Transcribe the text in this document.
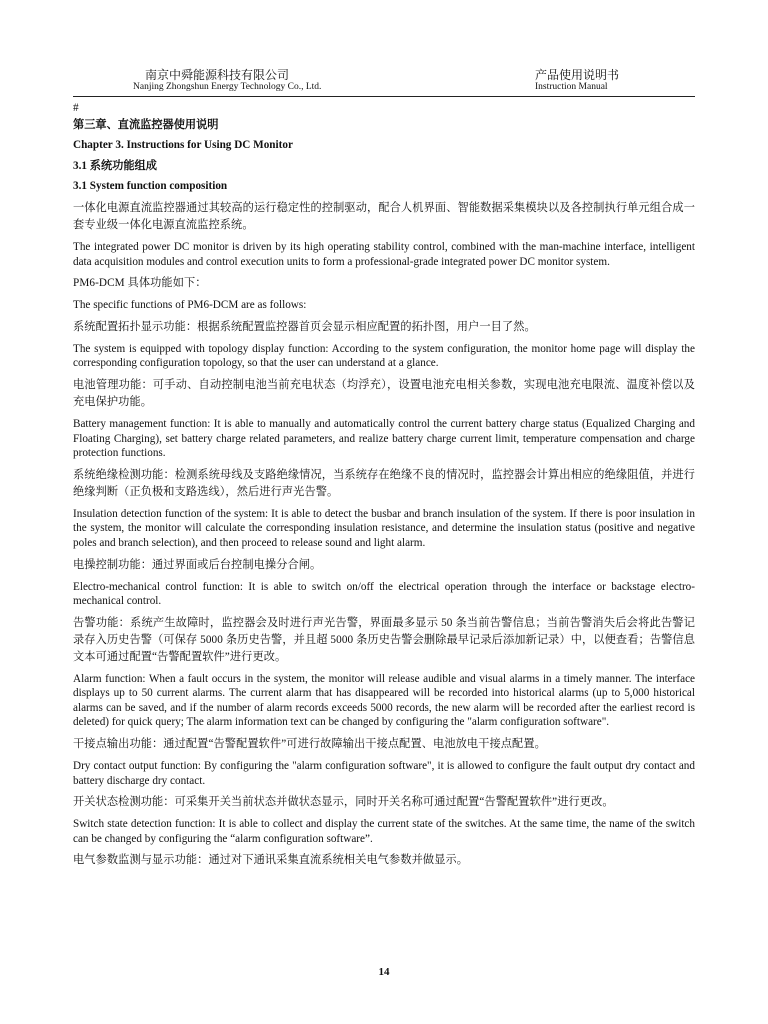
南京中舜能源科技有限公司
Nanjing Zhongshun Energy Technology Co., Ltd.
产品使用说明书
Instruction Manual

#

第三章、直流监控器使用说明

Chapter 3. Instructions for Using DC Monitor

3.1 系统功能组成

3.1 System function composition

一体化电源直流监控器通过其较高的运行稳定性的控制驱动，配合人机界面、智能数据采集模块以及各控制执行单元组合成一套专业级一体化电源直流监控系统。

The integrated power DC monitor is driven by its high operating stability control, combined with the man-machine interface, intelligent data acquisition modules and control execution units to form a professional-grade integrated power DC monitor system.

PM6-DCM 具体功能如下：

The specific functions of PM6-DCM are as follows:

系统配置拓扑显示功能：根据系统配置监控器首页会显示相应配置的拓扑图，用户一目了然。

The system is equipped with topology display function: According to the system configuration, the monitor home page will display the corresponding configuration topology, so that the user can understand at a glance.

电池管理功能：可手动、自动控制电池当前充电状态（均浮充），设置电池充电相关参数，实现电池充电限流、温度补偿以及充电保护功能。

Battery management function: It is able to manually and automatically control the current battery charge status (Equalized Charging and Floating Charging), set battery charge related parameters, and realize battery charge current limit, temperature compensation and charge protection functions.

系统绝缘检测功能：检测系统母线及支路绝缘情况，当系统存在绝缘不良的情况时，监控器会计算出相应的绝缘阻值，并进行绝缘判断（正负极和支路选线），然后进行声光告警。

Insulation detection function of the system: It is able to detect the busbar and branch insulation of the system. If there is poor insulation in the system, the monitor will calculate the corresponding insulation resistance, and determine the insulation status (positive and negative poles and branch selection), and then proceed to release sound and light alarm.

电操控制功能：通过界面或后台控制电操分合闸。

Electro-mechanical control function: It is able to switch on/off the electrical operation through the interface or backstage electro-mechanical control.

告警功能：系统产生故障时，监控器会及时进行声光告警，界面最多显示 50 条当前告警信息；当前告警消失后会将此告警记录存入历史告警（可保存 5000 条历史告警，并且超 5000 条历史告警会删除最早记录后添加新记录）中，以便查看；告警信息文本可通过配置“告警配置软件”进行更改。

Alarm function: When a fault occurs in the system, the monitor will release audible and visual alarms in a timely manner. The interface displays up to 50 current alarms. The current alarm that has disappeared will be recorded into historical alarms (up to 5,000 historical alarms can be saved, and if the number of alarm records exceeds 5000 records, the new alarm will be recorded after the earliest record is deleted) for quick query; The alarm information text can be changed by configuring the "alarm configuration software".

干接点输出功能：通过配置“告警配置软件”可进行故障输出干接点配置、电池放电干接点配置。

Dry contact output function: By configuring the "alarm configuration software", it is allowed to configure the fault output dry contact and battery discharge dry contact.

开关状态检测功能：可采集开关当前状态并做状态显示，同时开关名称可通过配置“告警配置软件”进行更改。

Switch state detection function: It is able to collect and display the current state of the switches. At the same time, the name of the switch can be changed by configuring the “alarm configuration software”.

电气参数监测与显示功能：通过对下通讯采集直流系统相关电气参数并做显示。

14
